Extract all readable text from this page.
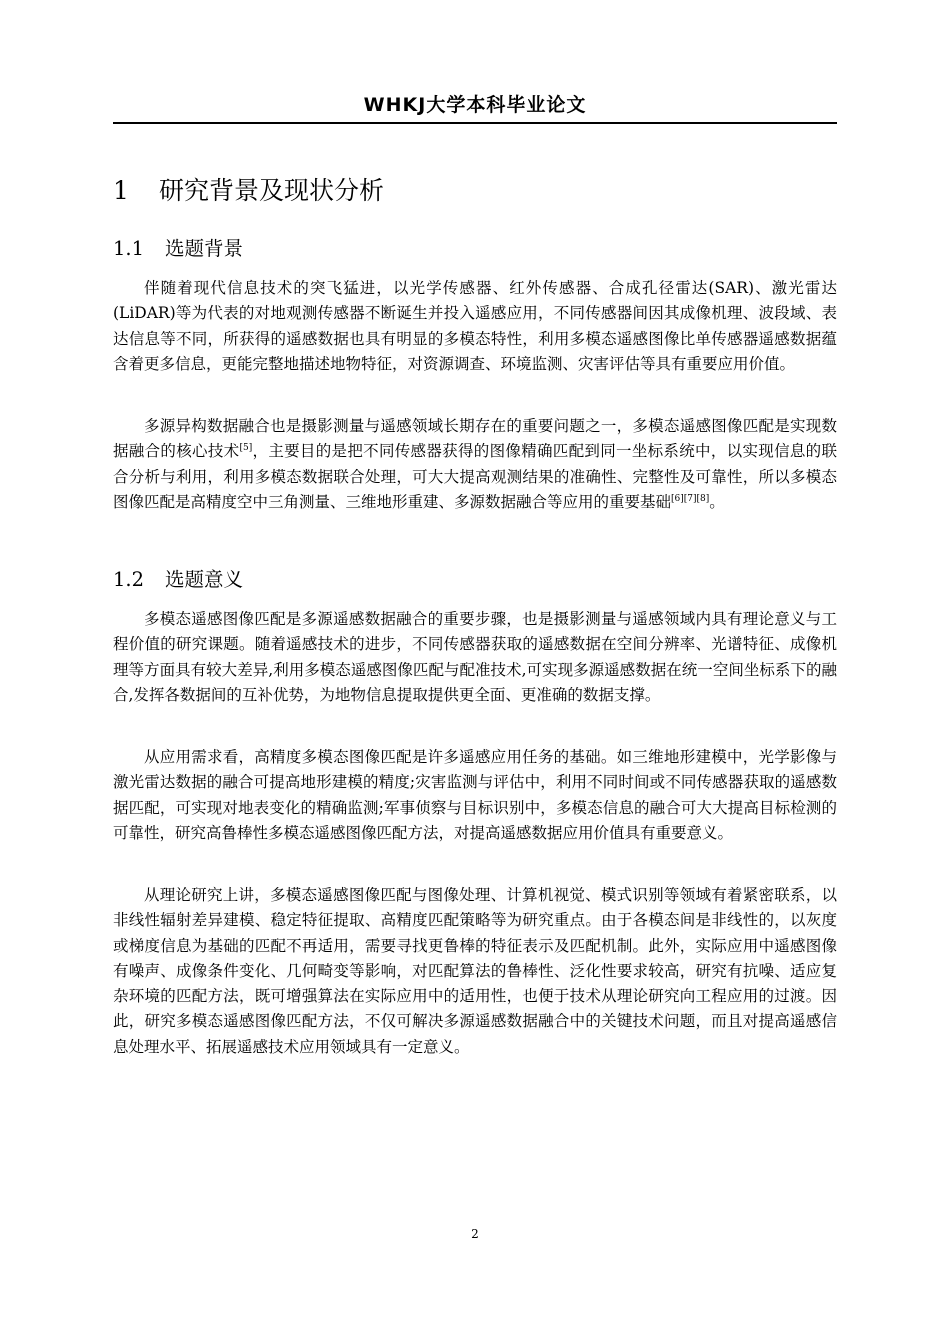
WHKJ大学本科毕业论文
1 研究背景及现状分析
1.1 选题背景

伴随着现代信息技术的突飞猛进，以光学传感器、红外传感器、合成孔径雷达(SAR)、激光雷达(LiDAR)等为代表的对地观测传感器不断诞生并投入遥感应用，不同传感器间因其成像机理、波段域、表达信息等不同，所获得的遥感数据也具有明显的多模态特性，利用多模态遥感图像比单传感器遥感数据蕴含着更多信息，更能完整地描述地物特征，对资源调查、环境监测、灾害评估等具有重要应用价值。

多源异构数据融合也是摄影测量与遥感领域长期存在的重要问题之一，多模态遥感图像匹配是实现数据融合的核心技术[5]，主要目的是把不同传感器获得的图像精确匹配到同一坐标系统中，以实现信息的联合分析与利用，利用多模态数据联合处理，可大大提高观测结果的准确性、完整性及可靠性，所以多模态图像匹配是高精度空中三角测量、三维地形重建、多源数据融合等应用的重要基础[6][7][8]。

1.2 选题意义

多模态遥感图像匹配是多源遥感数据融合的重要步骤，也是摄影测量与遥感领域内具有理论意义与工程价值的研究课题。随着遥感技术的进步，不同传感器获取的遥感数据在空间分辨率、光谱特征、成像机理等方面具有较大差异,利用多模态遥感图像匹配与配准技术,可实现多源遥感数据在统一空间坐标系下的融合,发挥各数据间的互补优势，为地物信息提取提供更全面、更准确的数据支撑。

从应用需求看，高精度多模态图像匹配是许多遥感应用任务的基础。如三维地形建模中，光学影像与激光雷达数据的融合可提高地形建模的精度;灾害监测与评估中，利用不同时间或不同传感器获取的遥感数据匹配，可实现对地表变化的精确监测;军事侦察与目标识别中，多模态信息的融合可大大提高目标检测的可靠性，研究高鲁棒性多模态遥感图像匹配方法，对提高遥感数据应用价值具有重要意义。

从理论研究上讲，多模态遥感图像匹配与图像处理、计算机视觉、模式识别等领域有着紧密联系，以非线性辐射差异建模、稳定特征提取、高精度匹配策略等为研究重点。由于各模态间是非线性的，以灰度或梯度信息为基础的匹配不再适用，需要寻找更鲁棒的特征表示及匹配机制。此外，实际应用中遥感图像有噪声、成像条件变化、几何畸变等影响，对匹配算法的鲁棒性、泛化性要求较高，研究有抗噪、适应复杂环境的匹配方法，既可增强算法在实际应用中的适用性，也便于技术从理论研究向工程应用的过渡。因此，研究多模态遥感图像匹配方法，不仅可解决多源遥感数据融合中的关键技术问题，而且对提高遥感信息处理水平、拓展遥感技术应用领域具有一定意义。

2
